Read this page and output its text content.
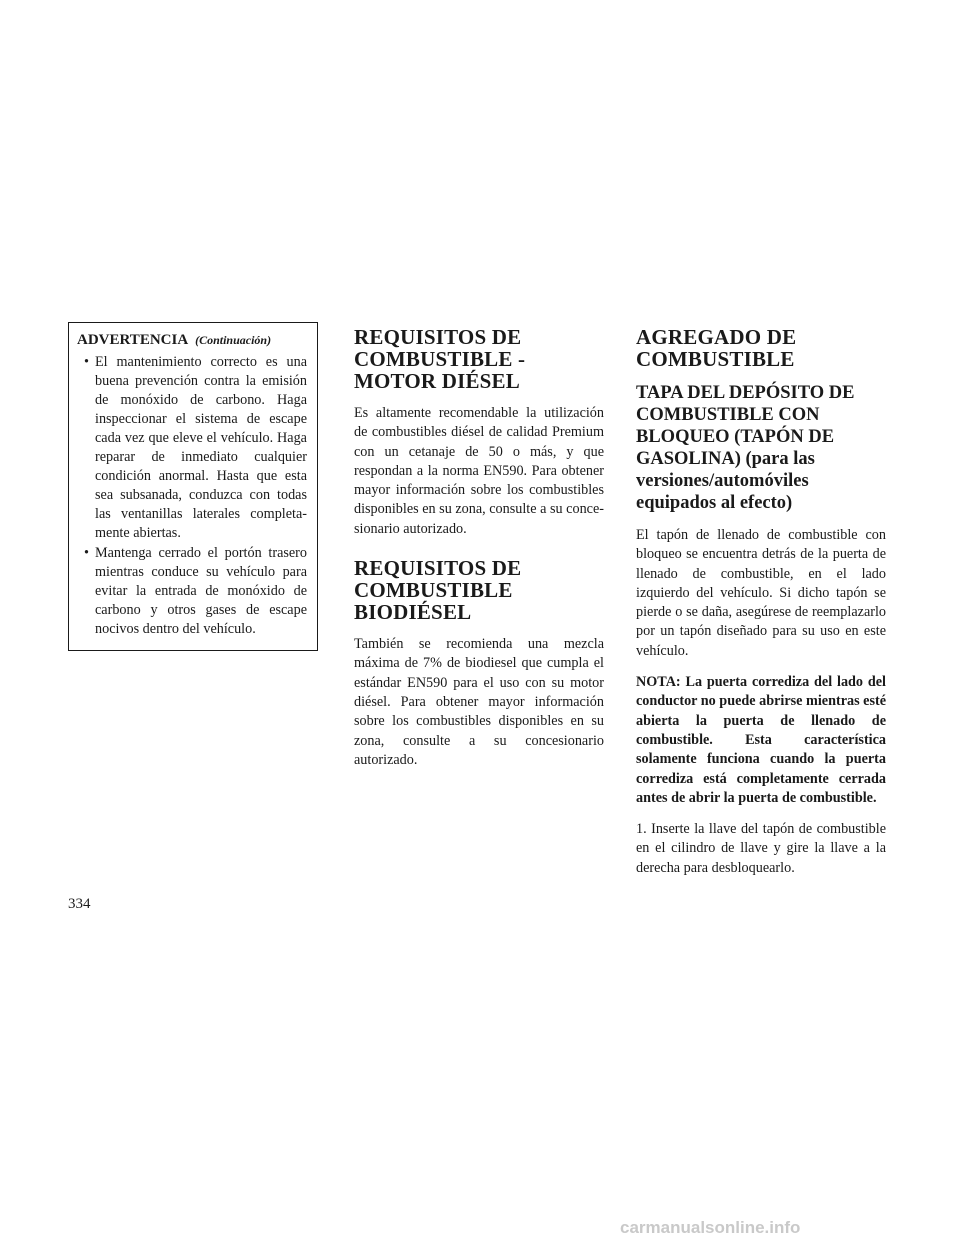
ADVERTENCIA (Continuación)
• El mantenimiento correcto es una buena prevención contra la emisión de monóxido de carbono. Haga inspeccionar el sistema de escape cada vez que eleve el vehículo. Haga reparar de inmediato cualquier condición anormal. Hasta que esta sea subsanada, conduzca con todas las ventanillas laterales completamente abiertas.
• Mantenga cerrado el portón trasero mientras conduce su vehículo para evitar la entrada de monóxido de carbono y otros gases de escape nocivos dentro del vehículo.
REQUISITOS DE COMBUSTIBLE - MOTOR DIÉSEL

Es altamente recomendable la utilización de combustibles diésel de calidad Premium con un cetanaje de 50 o más, y que respondan a la norma EN590. Para obtener mayor información sobre los combustibles disponibles en su zona, consulte a su concesionario autorizado.

REQUISITOS DE COMBUSTIBLE BIODIÉSEL

También se recomienda una mezcla máxima de 7% de biodiesel que cumpla el estándar EN590 para el uso con su motor diésel. Para obtener mayor información sobre los combustibles disponibles en su zona, consulte a su concesionario autorizado.

AGREGADO DE COMBUSTIBLE
TAPA DEL DEPÓSITO DE COMBUSTIBLE CON BLOQUEO (TAPÓN DE GASOLINA) (para las versiones/automóviles equipados al efecto)

El tapón de llenado de combustible con bloqueo se encuentra detrás de la puerta de llenado de combustible, en el lado izquierdo del vehículo. Si dicho tapón se pierde o se daña, asegúrese de reemplazarlo por un tapón diseñado para su uso en este vehículo.

NOTA: La puerta corrediza del lado del conductor no puede abrirse mientras esté abierta la puerta de llenado de combustible. Esta característica solamente funciona cuando la puerta corrediza está completamente cerrada antes de abrir la puerta de combustible.

1. Inserte la llave del tapón de combustible en el cilindro de llave y gire la llave a la derecha para desbloquearlo.

334
carmanualsonline.info
